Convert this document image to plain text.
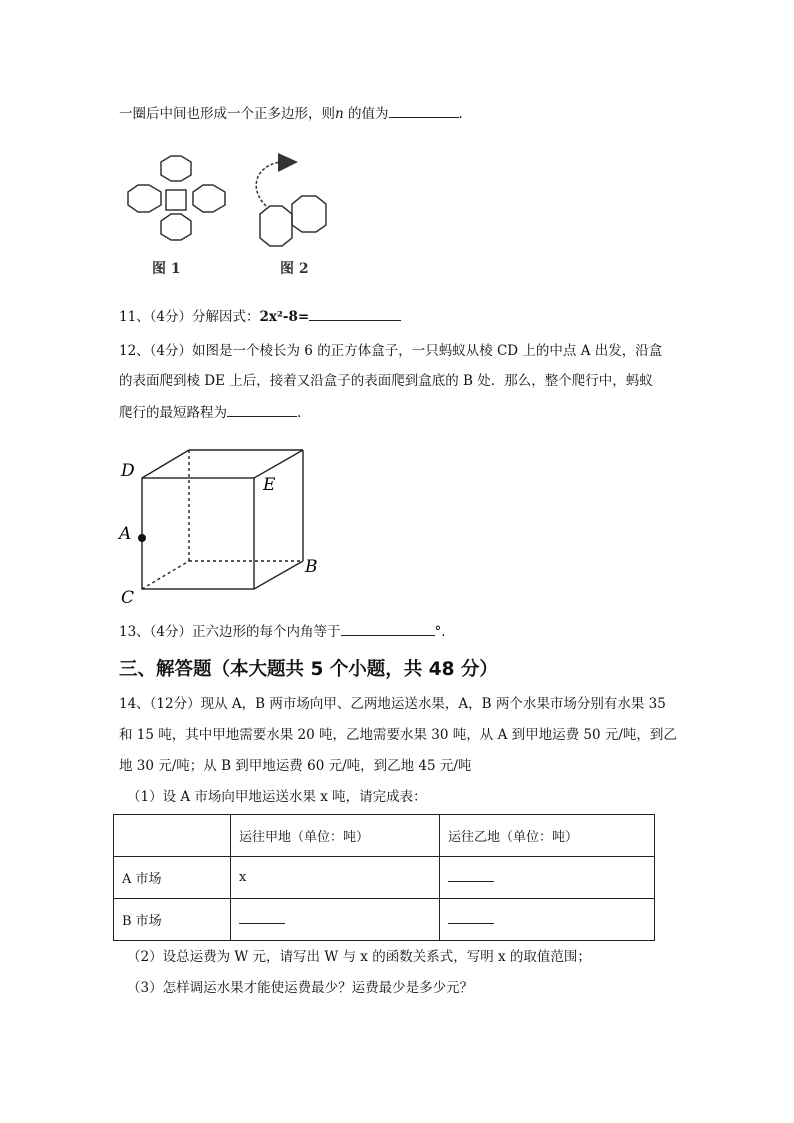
一圈后中间也形成一个正多边形，则n 的值为	.
图 1	图 2
11、（4分）分解因式：2x²-8=
12、（4分）如图是一个棱长为 6 的正方体盒子，一只蚂蚁从棱 CD 上的中点 A 出发，沿盒
的表面爬到棱 DE 上后，接着又沿盒子的表面爬到盒底的 B 处．那么，整个爬行中，蚂蚁
爬行的最短路程为	.
D
E
A
B
C
13、（4分）正六边形的每个内角等于	°.
三、解答题（本大题共 5 个小题，共 48 分）
14、（12分）现从 A，B 两市场向甲、乙两地运送水果，A，B 两个水果市场分别有水果 35
和 15 吨，其中甲地需要水果 20 吨，乙地需要水果 30 吨，从 A 到甲地运费 50 元/吨，到乙
地 30 元/吨；从 B 到甲地运费 60 元/吨，到乙地 45 元/吨
（1）设 A 市场向甲地运送水果 x 吨，请完成表：
	运往甲地（单位：吨）	运往乙地（单位：吨）
A 市场	x	
B 市场		
（2）设总运费为 W 元，请写出 W 与 x 的函数关系式，写明 x 的取值范围；
（3）怎样调运水果才能使运费最少？运费最少是多少元？
